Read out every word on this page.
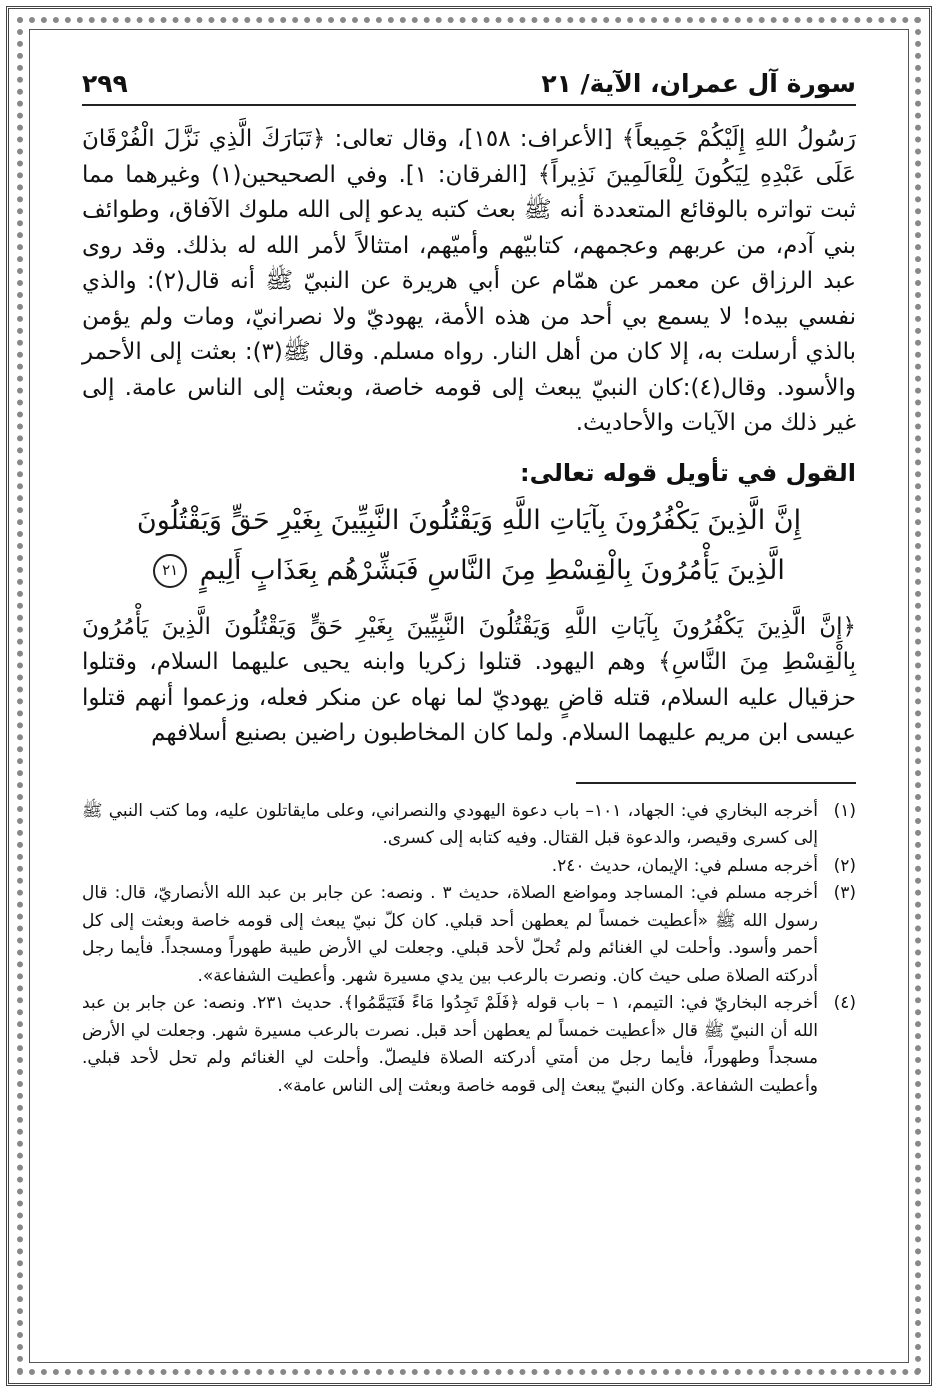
سورة آل عمران، الآية/ ٢١
٢٩٩

رَسُولُ اللهِ إِلَيْكُمْ جَمِيعاً﴾ [الأعراف: ١٥٨]، وقال تعالى: ﴿تَبَارَكَ الَّذِي نَزَّلَ الْفُرْقَانَ عَلَى عَبْدِهِ لِيَكُونَ لِلْعَالَمِينَ نَذِيراً﴾ [الفرقان: ١]. وفي الصحيحين(١) وغيرهما مما ثبت تواتره بالوقائع المتعددة أنه ﷺ بعث كتبه يدعو إلى الله ملوك الآفاق، وطوائف بني آدم، من عربهم وعجمهم، كتابيّهم وأميّهم، امتثالاً لأمر الله له بذلك. وقد روى عبد الرزاق عن معمر عن همّام عن أبي هريرة عن النبيّ ﷺ أنه قال(٢): والذي نفسي بيده! لا يسمع بي أحد من هذه الأمة، يهوديّ ولا نصرانيّ، ومات ولم يؤمن بالذي أرسلت به، إلا كان من أهل النار. رواه مسلم. وقال ﷺ(٣): بعثت إلى الأحمر والأسود. وقال(٤):كان النبيّ يبعث إلى قومه خاصة، وبعثت إلى الناس عامة. إلى غير ذلك من الآيات والأحاديث.

القول في تأويل قوله تعالى:
إِنَّ الَّذِينَ يَكْفُرُونَ بِآيَاتِ اللَّهِ وَيَقْتُلُونَ النَّبِيِّينَ بِغَيْرِ حَقٍّ وَيَقْتُلُونَ
الَّذِينَ يَأْمُرُونَ بِالْقِسْطِ مِنَ النَّاسِ فَبَشِّرْهُم بِعَذَابٍ أَلِيمٍ ٢١

﴿إِنَّ الَّذِينَ يَكْفُرُونَ بِآيَاتِ اللَّهِ وَيَقْتُلُونَ النَّبِيِّينَ بِغَيْرِ حَقٍّ وَيَقْتُلُونَ الَّذِينَ يَأْمُرُونَ بِالْقِسْطِ مِنَ النَّاسِ﴾ وهم اليهود. قتلوا زكريا وابنه يحيى عليهما السلام، وقتلوا حزقيال عليه السلام، قتله قاضٍ يهوديّ لما نهاه عن منكر فعله، وزعموا أنهم قتلوا عيسى ابن مريم عليهما السلام. ولما كان المخاطبون راضين بصنيع أسلافهم

(١)
أخرجه البخاري في: الجهاد، ١٠١– باب دعوة اليهودي والنصراني، وعلى مايقاتلون عليه، وما كتب النبي ﷺ إلى كسرى وقيصر، والدعوة قبل القتال. وفيه كتابه إلى كسرى.
(٢)
أخرجه مسلم في: الإيمان، حديث ٢٤٠.
(٣)
أخرجه مسلم في: المساجد ومواضع الصلاة، حديث ٣ . ونصه: عن جابر بن عبد الله الأنصاريّ، قال: قال رسول الله ﷺ «أعطيت خمساً لم يعطهن أحد قبلي. كان كلّ نبيّ يبعث إلى قومه خاصة وبعثت إلى كل أحمر وأسود. وأحلت لي الغنائم ولم تُحلّ لأحد قبلي. وجعلت لي الأرض طيبة طهوراً ومسجداً. فأيما رجل أدركته الصلاة صلى حيث كان. ونصرت بالرعب بين يدي مسيرة شهر. وأعطيت الشفاعة».
(٤)
أخرجه البخاريّ في: التيمم، ١ – باب قوله ﴿فَلَمْ تَجِدُوا مَاءً فَتَيَمَّمُوا﴾. حديث ٢٣١. ونصه: عن جابر بن عبد الله أن النبيّ ﷺ قال «أعطيت خمساً لم يعطهن أحد قبل. نصرت بالرعب مسيرة شهر. وجعلت لي الأرض مسجداً وطهوراً، فأيما رجل من أمتي أدركته الصلاة فليصلّ. وأحلت لي الغنائم ولم تحل لأحد قبلي. وأعطيت الشفاعة. وكان النبيّ يبعث إلى قومه خاصة وبعثت إلى الناس عامة».
